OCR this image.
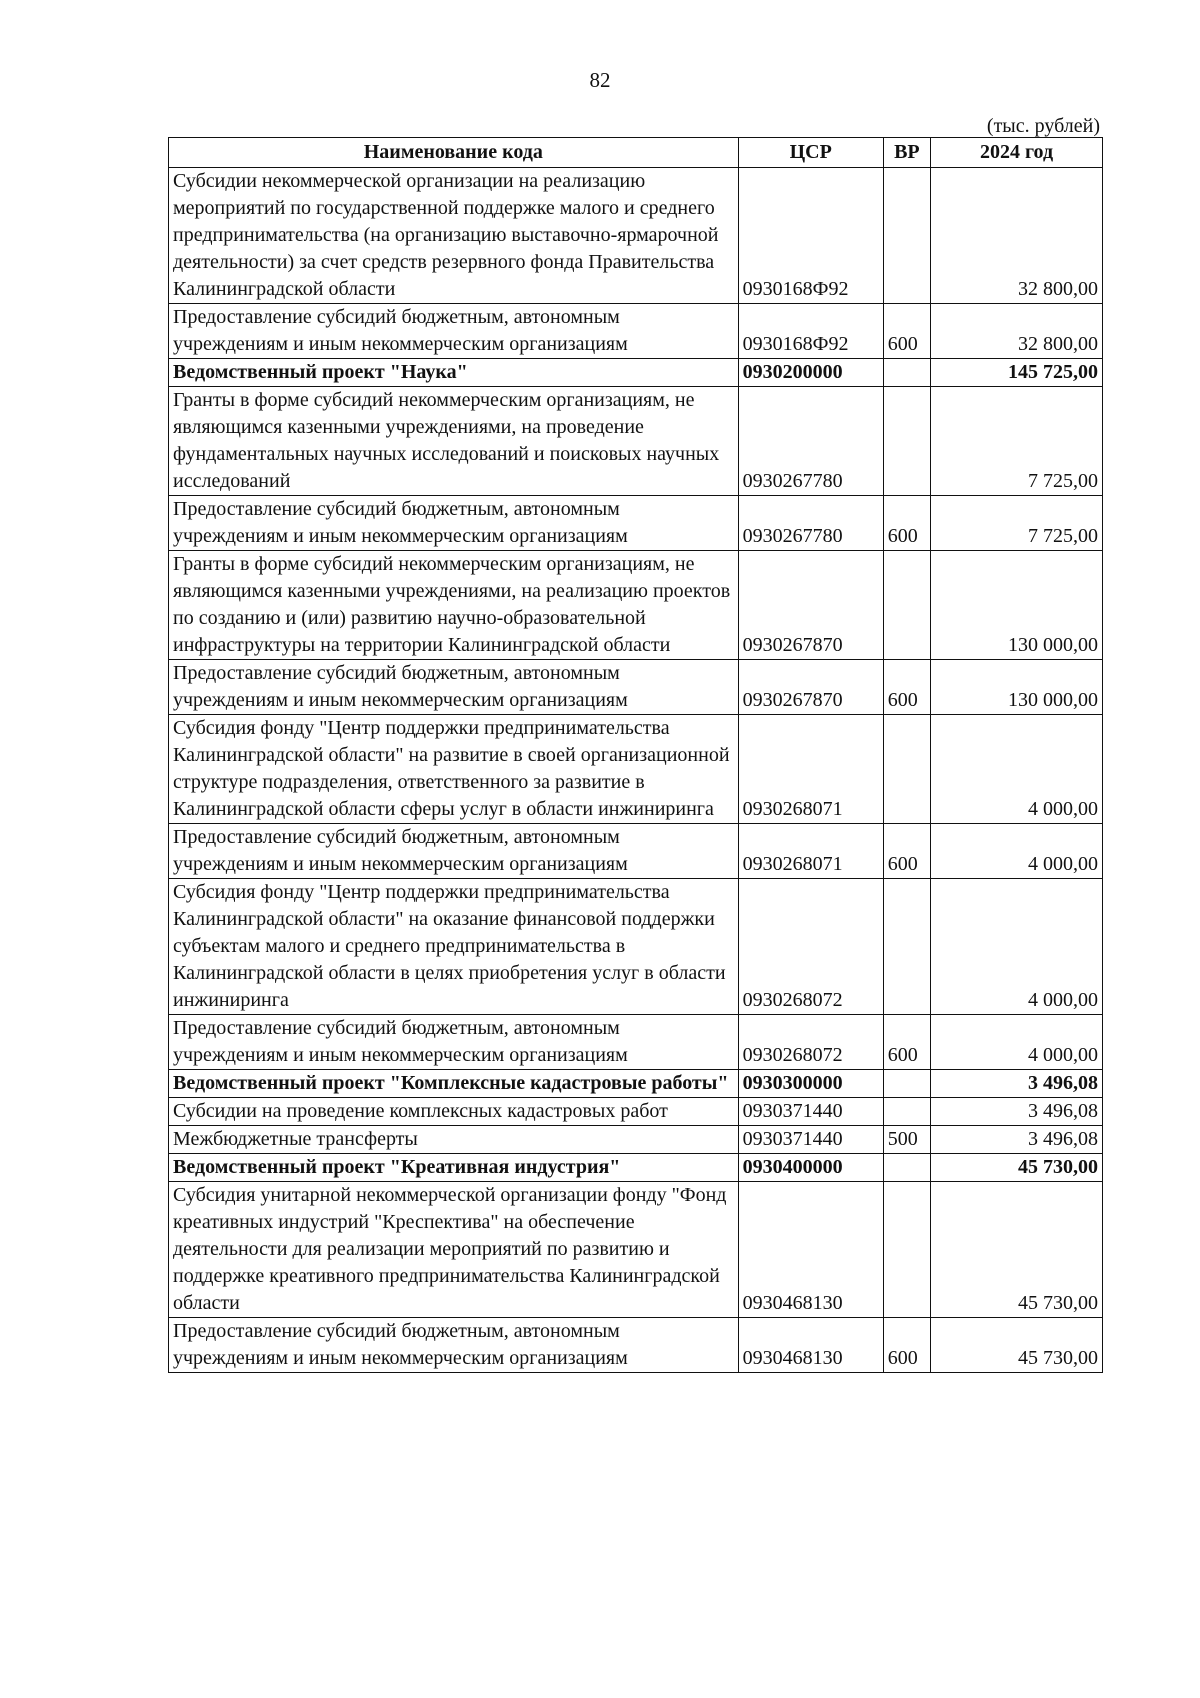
82
(тыс. рублей)
Наименование кода	ЦСР	ВР	2024 год
Субсидии некоммерческой организации на реализацию мероприятий по государственной поддержке малого и среднего предпринимательства (на организацию выставочно-ярмарочной деятельности) за счет средств резервного фонда Правительства Калининградской области	0930168Ф92		32 800,00
Предоставление субсидий бюджетным, автономным учреждениям и иным некоммерческим организациям	0930168Ф92	600	32 800,00
Ведомственный проект "Наука"	0930200000		145 725,00
Гранты в форме субсидий некоммерческим организациям, не являющимся казенными учреждениями, на проведение фундаментальных научных исследований и поисковых научных исследований	0930267780		7 725,00
Предоставление субсидий бюджетным, автономным учреждениям и иным некоммерческим организациям	0930267780	600	7 725,00
Гранты в форме субсидий некоммерческим организациям, не являющимся казенными учреждениями, на реализацию проектов по созданию и (или) развитию научно-образовательной инфраструктуры на территории Калининградской области	0930267870		130 000,00
Предоставление субсидий бюджетным, автономным учреждениям и иным некоммерческим организациям	0930267870	600	130 000,00
Субсидия фонду "Центр поддержки предпринимательства Калининградской области" на развитие в своей организационной структуре подразделения, ответственного за развитие в Калининградской области сферы услуг в области инжиниринга	0930268071		4 000,00
Предоставление субсидий бюджетным, автономным учреждениям и иным некоммерческим организациям	0930268071	600	4 000,00
Субсидия фонду "Центр поддержки предпринимательства Калининградской области" на оказание финансовой поддержки субъектам малого и среднего предпринимательства в Калининградской области в целях приобретения услуг в области инжиниринга	0930268072		4 000,00
Предоставление субсидий бюджетным, автономным учреждениям и иным некоммерческим организациям	0930268072	600	4 000,00
Ведомственный проект "Комплексные кадастровые работы"	0930300000		3 496,08
Субсидии на проведение комплексных кадастровых работ	0930371440		3 496,08
Межбюджетные трансферты	0930371440	500	3 496,08
Ведомственный проект "Креативная индустрия"	0930400000		45 730,00
Субсидия унитарной некоммерческой организации фонду "Фонд креативных индустрий "Креспектива" на обеспечение деятельности для реализации мероприятий по развитию и поддержке креативного предпринимательства Калининградской области	0930468130		45 730,00
Предоставление субсидий бюджетным, автономным учреждениям и иным некоммерческим организациям	0930468130	600	45 730,00
